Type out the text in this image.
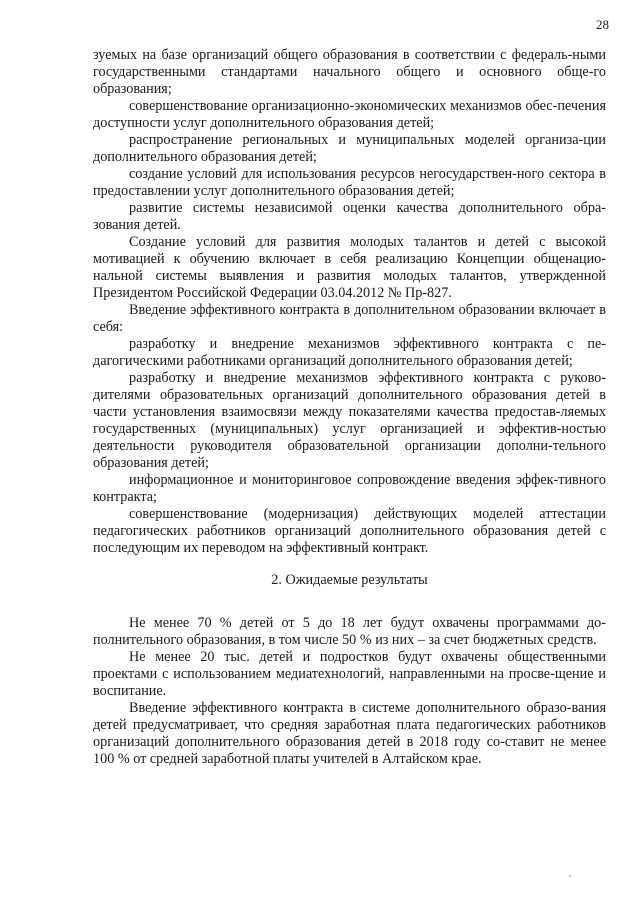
28

зуемых на базе организаций общего образования в соответствии с федераль-ными государственными стандартами начального общего и основного обще-го образования;

совершенствование организационно-экономических механизмов обес-печения доступности услуг дополнительного образования детей;

распространение региональных и муниципальных моделей организа-ции дополнительного образования детей;

создание условий для использования ресурсов негосударствен-ного сектора в предоставлении услуг дополнительного образования детей;

развитие системы независимой оценки качества дополнительного обра-зования детей.

Создание условий для развития молодых талантов и детей с высокой мотивацией к обучению включает в себя реализацию Концепции общенацио-нальной системы выявления и развития молодых талантов, утвержденной Президентом Российской Федерации 03.04.2012 № Пр-827.

Введение эффективного контракта в дополнительном образовании включает в себя:

разработку и внедрение механизмов эффективного контракта с пе-дагогическими работниками организаций дополнительного образования детей;

разработку и внедрение механизмов эффективного контракта с руково-дителями образовательных организаций дополнительного образования детей в части установления взаимосвязи между показателями качества предостав-ляемых государственных (муниципальных) услуг организацией и эффектив-ностью деятельности руководителя образовательной организации дополни-тельного образования детей;

информационное и мониторинговое сопровождение введения эффек-тивного контракта;

совершенствование (модернизация) действующих моделей аттестации педагогических работников организаций дополнительного образования детей с последующим их переводом на эффективный контракт.

2. Ожидаемые результаты

Не менее 70 % детей от 5 до 18 лет будут охвачены программами до-полнительного образования, в том числе 50 % из них – за счет бюджетных средств.

Не менее 20 тыс. детей и подростков будут охвачены общественными проектами с использованием медиатехнологий, направленными на просве-щение и воспитание.

Введение эффективного контракта в системе дополнительного образо-вания детей предусматривает, что средняя заработная плата педагогических работников организаций дополнительного образования детей в 2018 году со-ставит не менее 100 % от средней заработной платы учителей в Алтайском крае.
